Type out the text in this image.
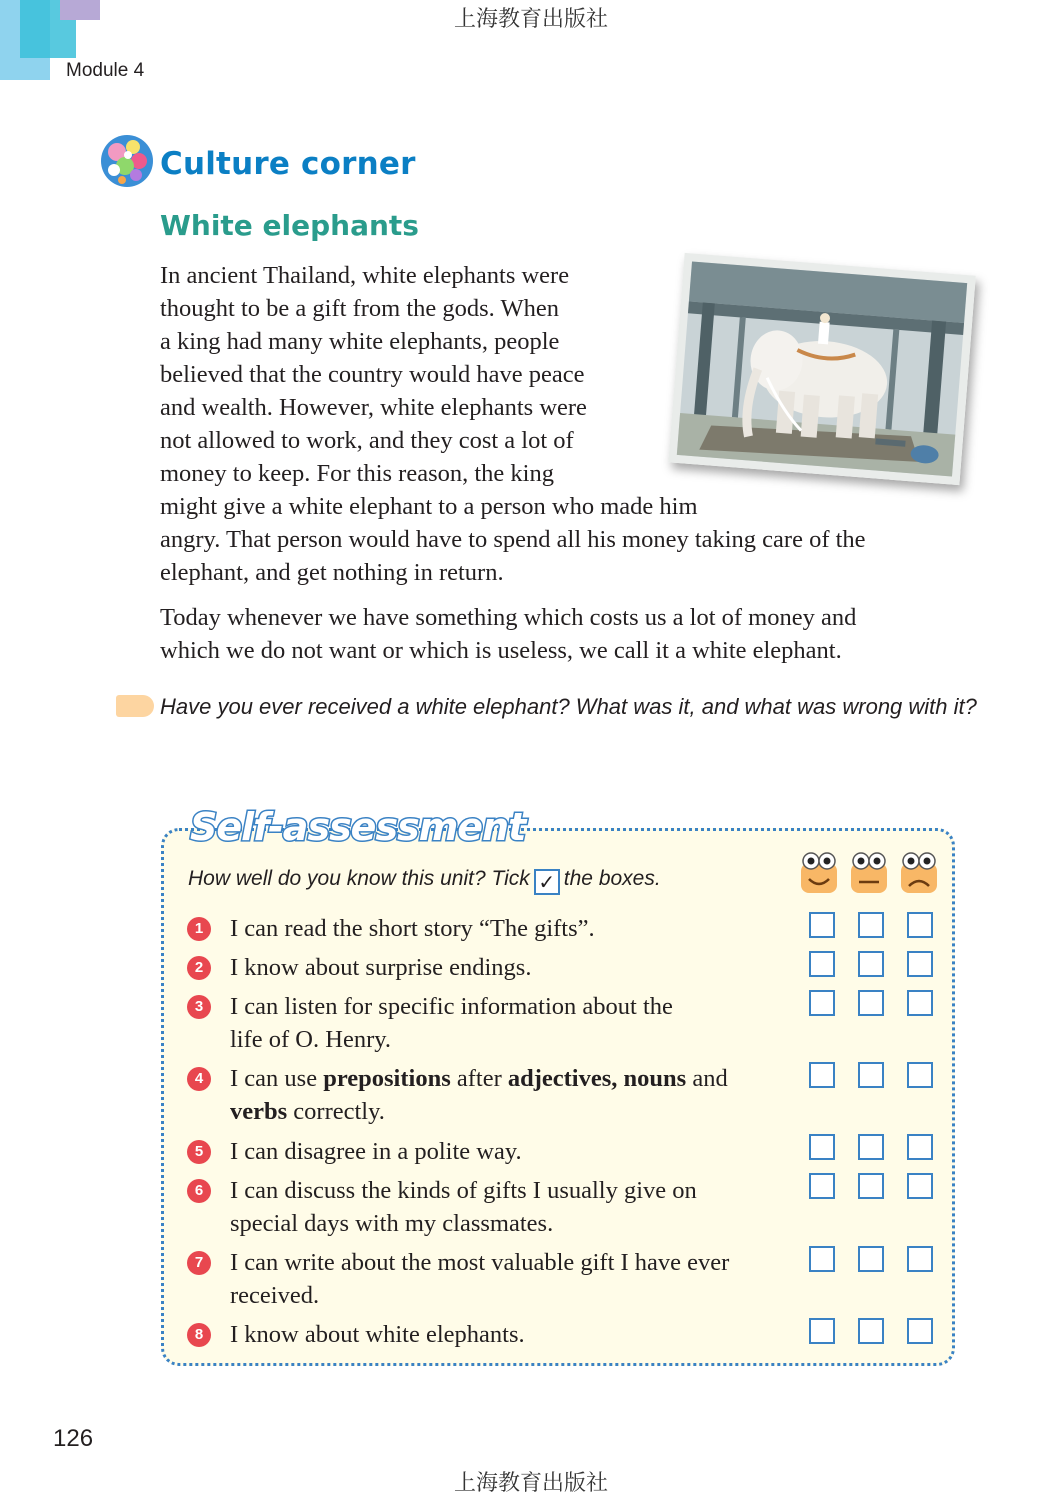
上海教育出版社
Module 4
Culture corner
White elephants
In ancient Thailand, white elephants were
thought to be a gift from the gods. When
a king had many white elephants, people
believed that the country would have peace
and wealth. However, white elephants were
not allowed to work, and they cost a lot of
money to keep. For this reason, the king
might give a white elephant to a person who made him
angry. That person would have to spend all his money taking care of the
elephant, and get nothing in return.
Today whenever we have something which costs us a lot of money and
which we do not want or which is useless, we call it a white elephant.
Have you ever received a white elephant? What was it, and what was wrong with it?
Self-assessment
How well do you know this unit? Tick ✓ the boxes.
1	I can read the short story “The gifts”.
2	I know about surprise endings.
3	I can listen for specific information about the
life of O. Henry.
4	I can use prepositions after adjectives, nouns and
verbs correctly.
5	I can disagree in a polite way.
6	I can discuss the kinds of gifts I usually give on
special days with my classmates.
7	I can write about the most valuable gift I have ever
received.
8	I know about white elephants.
126
上海教育出版社
